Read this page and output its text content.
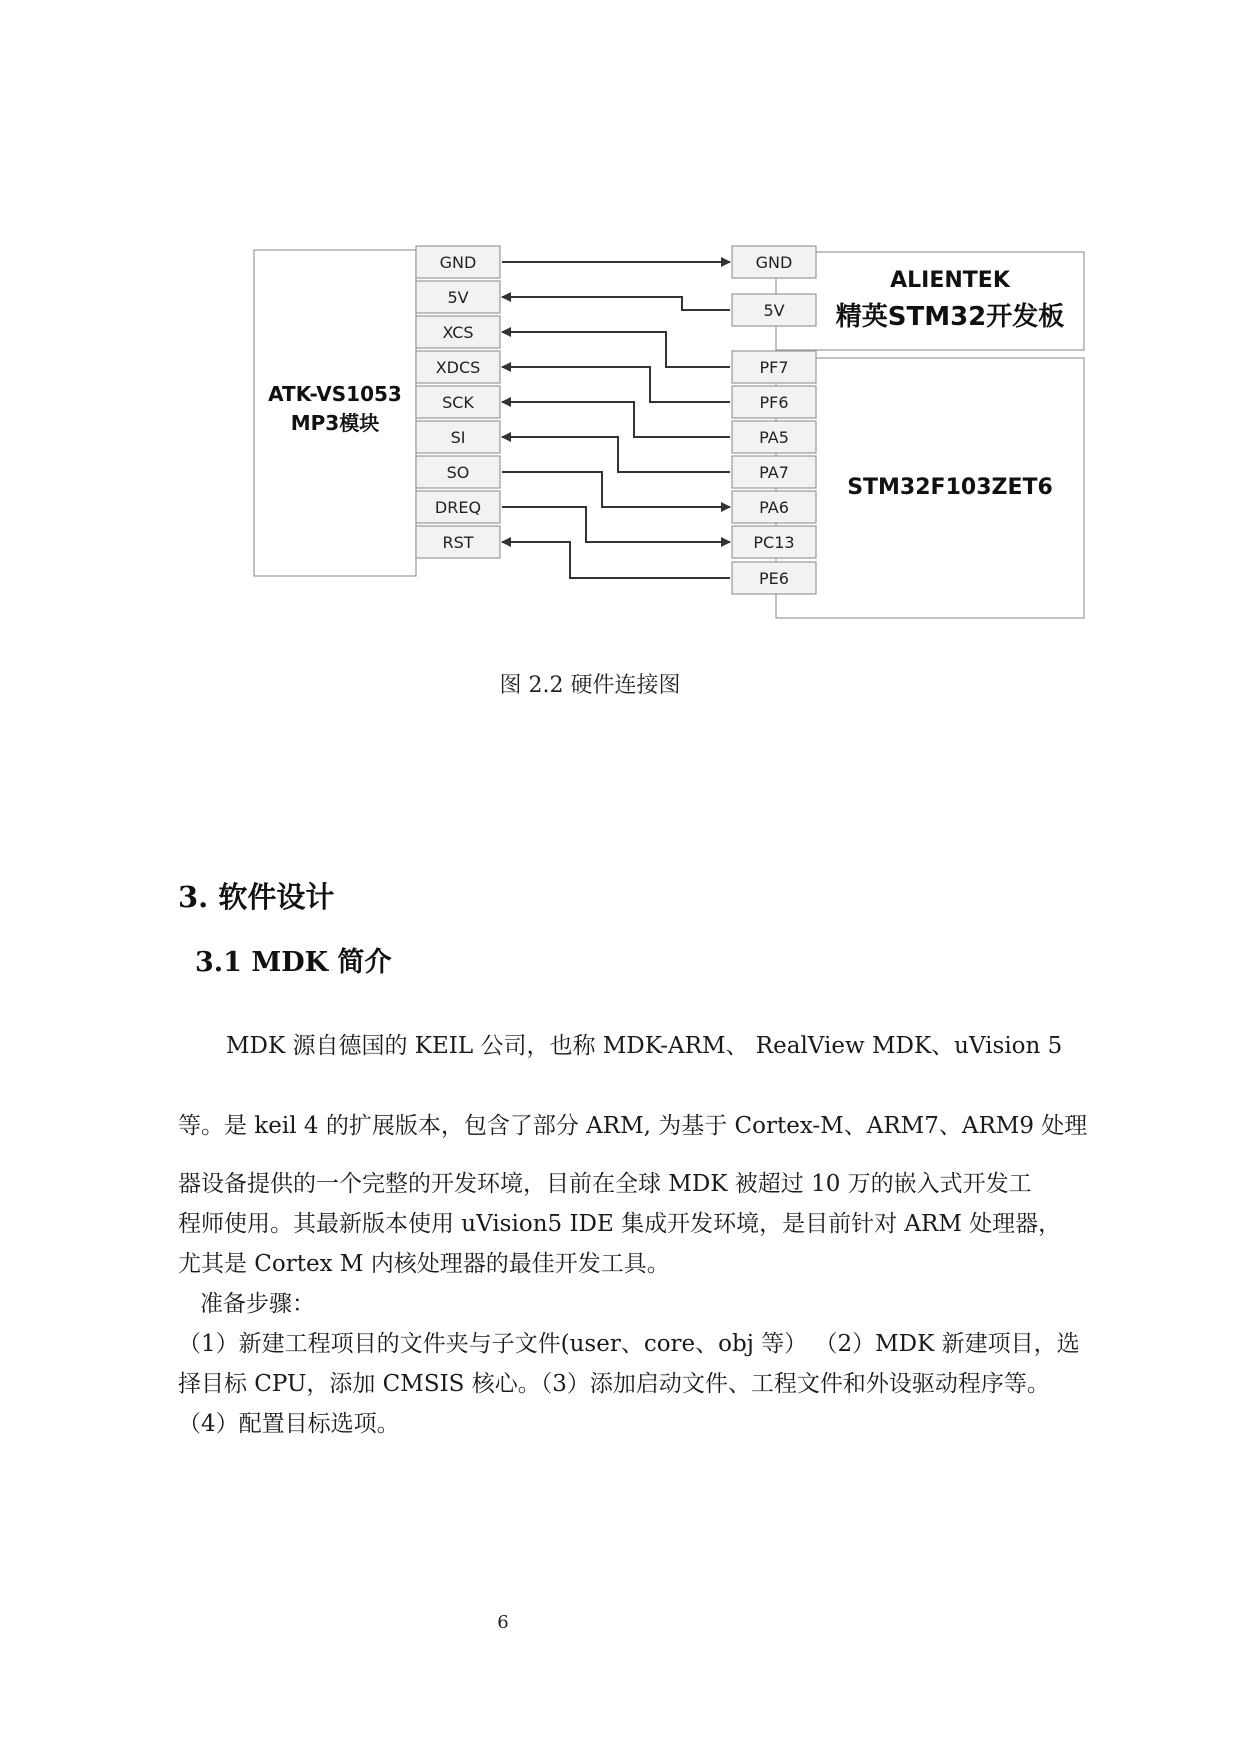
ATK-VS1053
MP3模块
ALIENTEK
精英STM32开发板
STM32F103ZET6
GND
5V
XCS
XDCS
SCK
SI
SO
DREQ
RST
GND
5V
PF7
PF6
PA5
PA7
PA6
PC13
PE6
图 2.2 硬件连接图
3. 软件设计
3.1 MDK 简介
MDK 源自德国的 KEIL 公司，也称 MDK-ARM、 RealView MDK、uVision 5
等。是 keil 4 的扩展版本，包含了部分 ARM, 为基于 Cortex-M、ARM7、ARM9 处理
器设备提供的一个完整的开发环境，目前在全球 MDK 被超过 10 万的嵌入式开发工
程师使用。其最新版本使用 uVision5 IDE 集成开发环境，是目前针对 ARM 处理器，
尤其是 Cortex M 内核处理器的最佳开发工具。
准备步骤：
（1）新建工程项目的文件夹与子文件(user、core、obj 等） （2）MDK 新建项目，选
择目标 CPU，添加 CMSIS 核心。（3）添加启动文件、工程文件和外设驱动程序等。
（4）配置目标选项。
6
